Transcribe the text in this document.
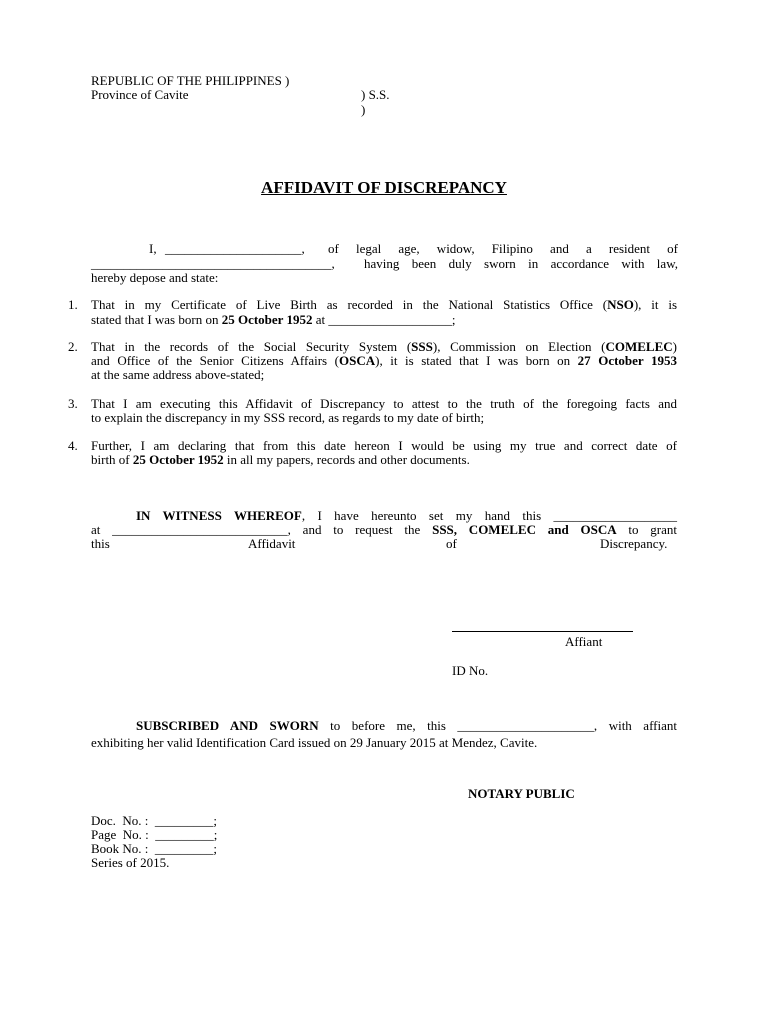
REPUBLIC OF THE PHILIPPINES )
Province of Cavite	) S.S.
)
AFFIDAVIT OF DISCREPANCY
I, _____________________, of legal age, widow, Filipino and a resident of
_____________________________________, having been duly sworn in accordance with law,
hereby depose and state:
1. That in my Certificate of Live Birth as recorded in the National Statistics Office (NSO), it is
stated that I was born on 25 October 1952 at ___________________;
2. That in the records of the Social Security System (SSS), Commission on Election (COMELEC)
and Office of the Senior Citizens Affairs (OSCA), it is stated that I was born on 27 October 1953
at the same address above-stated;
3. That I am executing this Affidavit of Discrepancy to attest to the truth of the foregoing facts and
to explain the discrepancy in my SSS record, as regards to my date of birth;
4. Further, I am declaring that from this date hereon I would be using my true and correct date of
birth of 25 October 1952 in all my papers, records and other documents.
IN WITNESS WHEREOF, I have hereunto set my hand this ___________________
at ___________________________, and to request the SSS, COMELEC and OSCA to grant
this	Affidavit	of	Discrepancy.
Affiant
ID No.
SUBSCRIBED AND SWORN to before me, this _____________________, with affiant
exhibiting her valid Identification Card issued on 29 January 2015 at Mendez, Cavite.
NOTARY PUBLIC
Doc.  No. :  _________;
Page  No. :  _________;
Book No. :  _________;
Series of 2015.
